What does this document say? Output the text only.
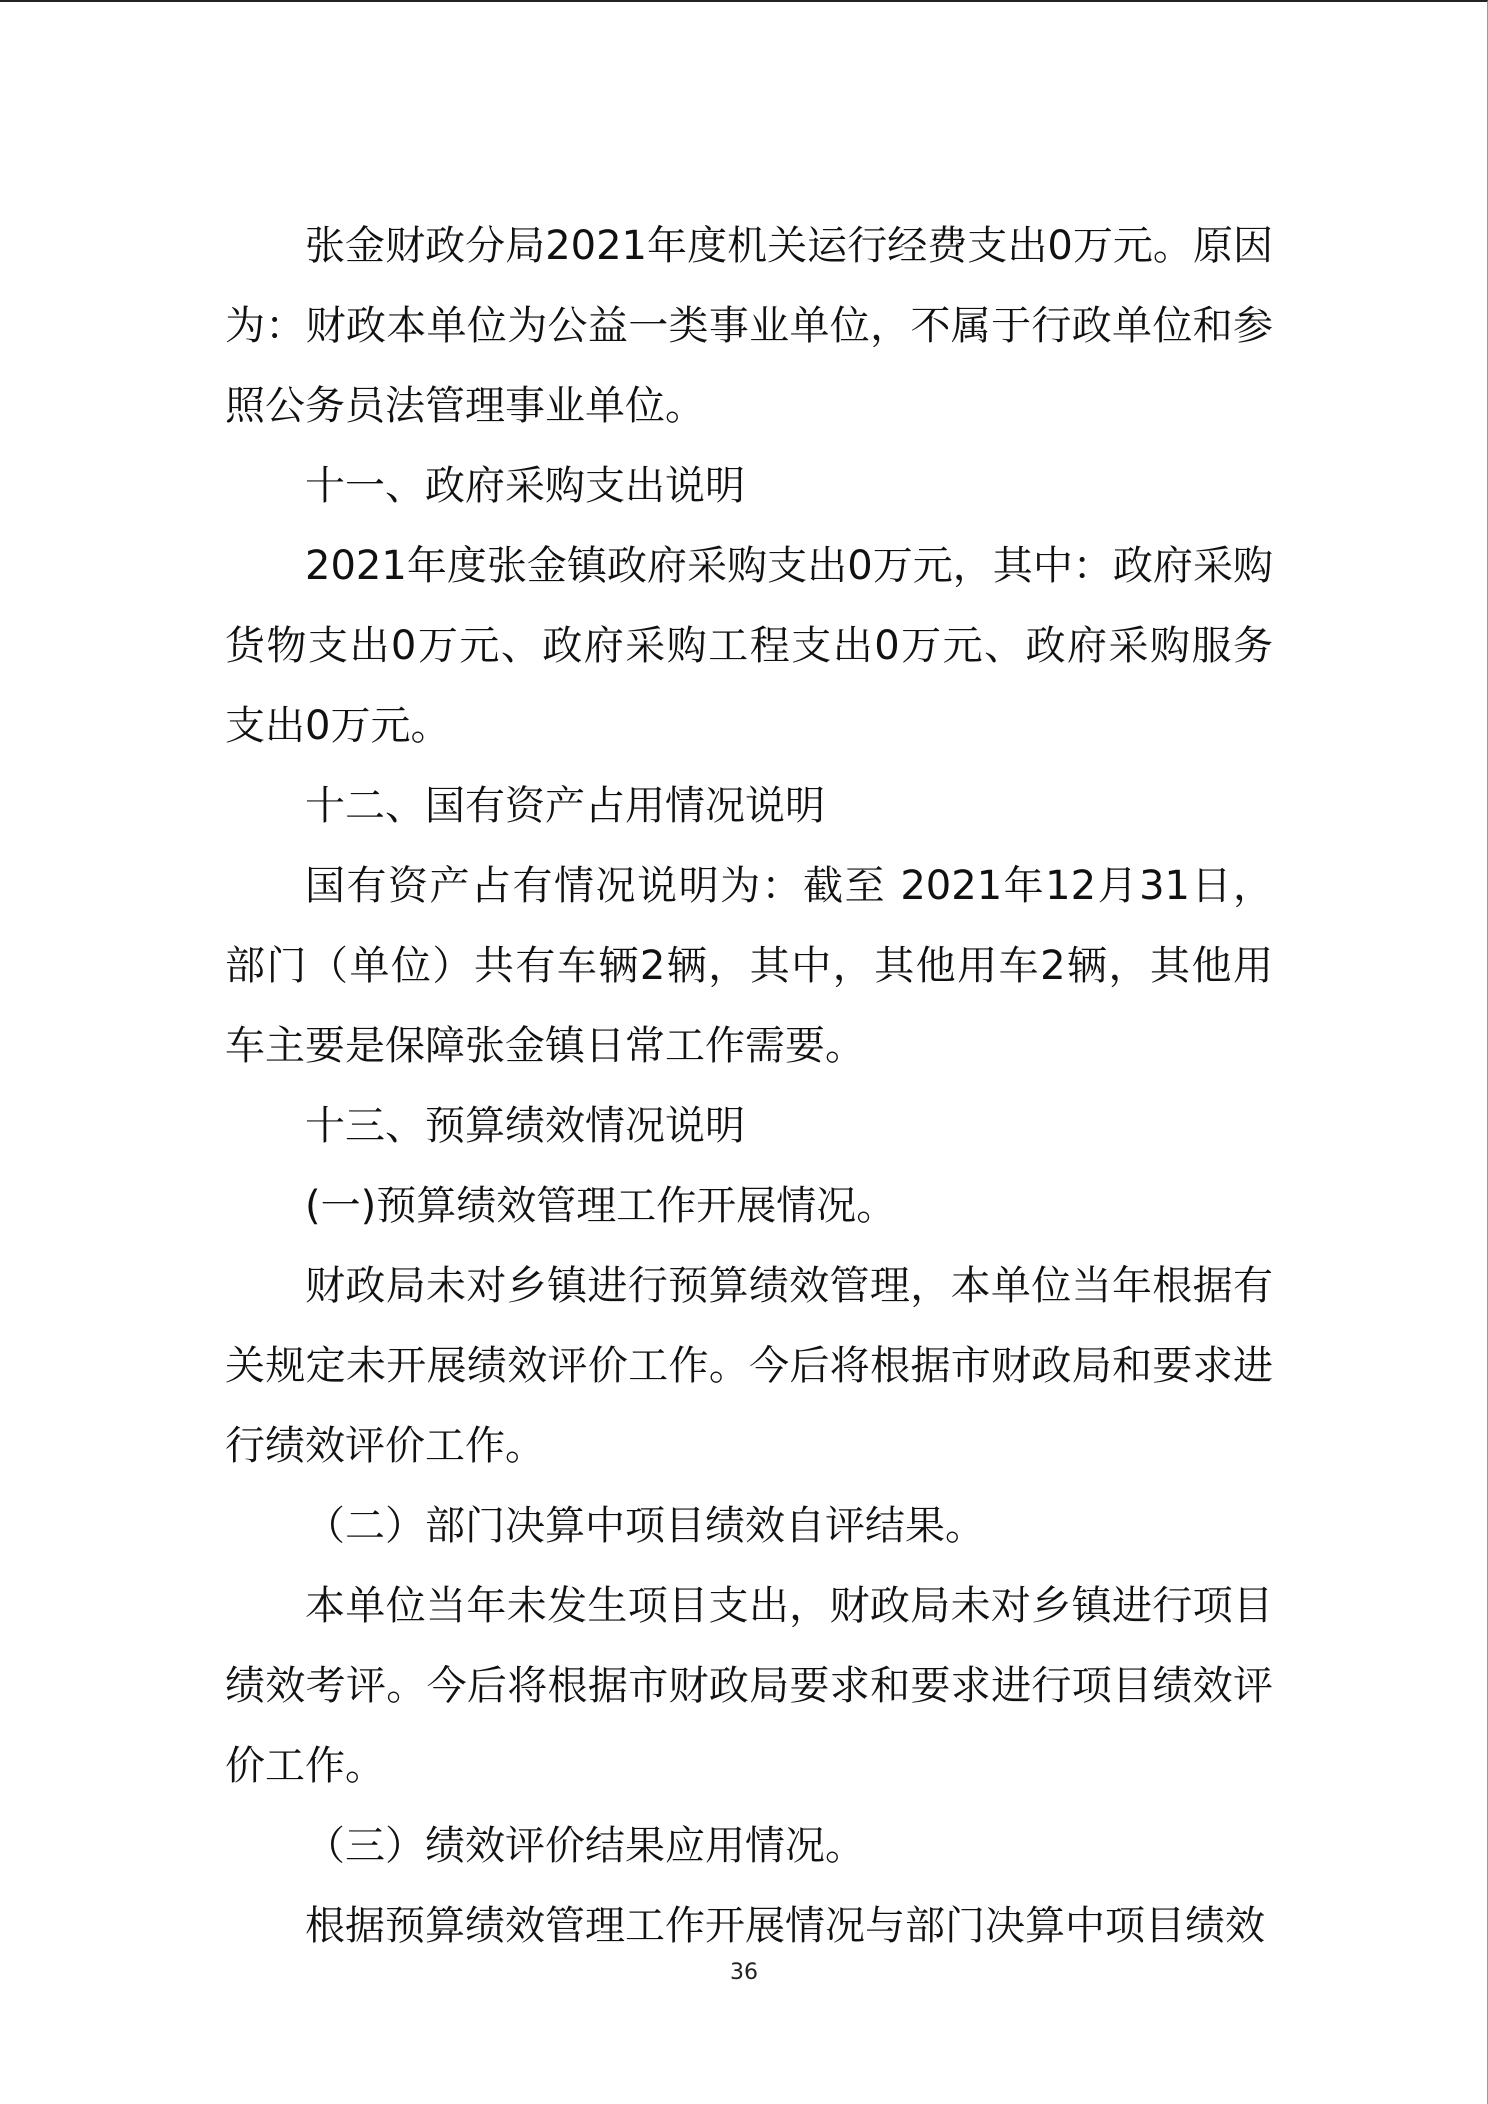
张金财政分局2021年度机关运行经费支出0万元。原因为：财政本单位为公益一类事业单位，不属于行政单位和参照公务员法管理事业单位。

十一、政府采购支出说明

2021年度张金镇政府采购支出0万元，其中：政府采购货物支出0万元、政府采购工程支出0万元、政府采购服务支出0万元。

十二、国有资产占用情况说明

国有资产占有情况说明为：截至 2021年12月31日，部门（单位）共有车辆2辆，其中，其他用车2辆，其他用车主要是保障张金镇日常工作需要。

十三、预算绩效情况说明

(一)预算绩效管理工作开展情况。

财政局未对乡镇进行预算绩效管理，本单位当年根据有关规定未开展绩效评价工作。今后将根据市财政局和要求进行绩效评价工作。

（二）部门决算中项目绩效自评结果。

本单位当年未发生项目支出，财政局未对乡镇进行项目绩效考评。今后将根据市财政局要求和要求进行项目绩效评价工作。

（三）绩效评价结果应用情况。

根据预算绩效管理工作开展情况与部门决算中项目绩效

36
